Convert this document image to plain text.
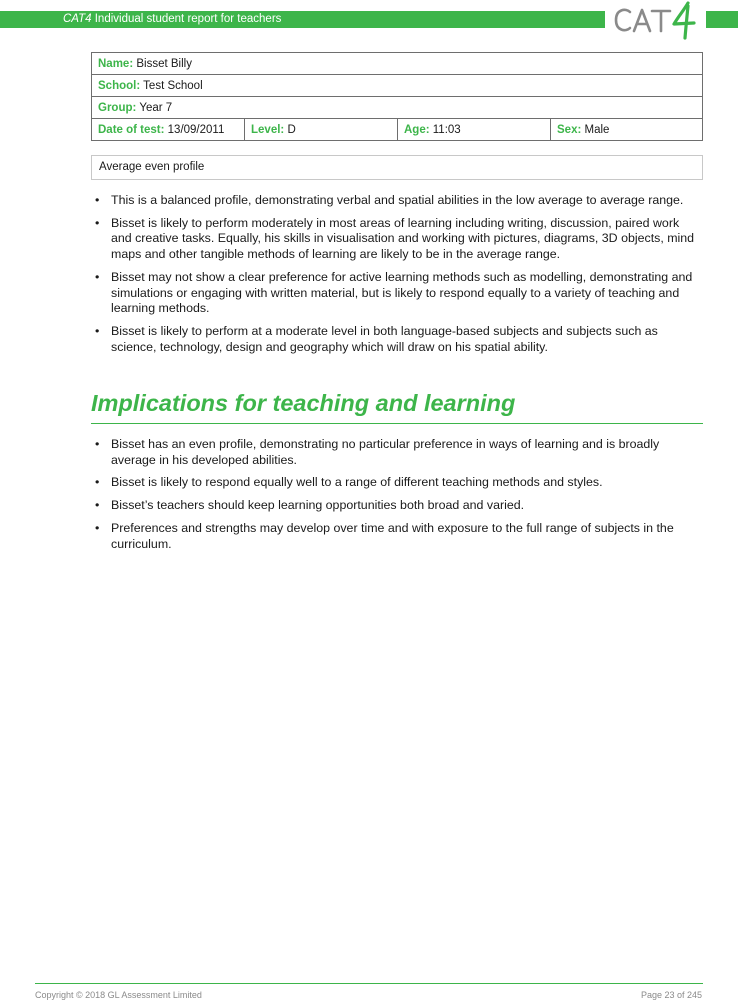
CAT4 Individual student report for teachers
Name: Bisset Billy
School: Test School
Group: Year 7
Date of test: 13/09/2011	Level: D	Age: 11:03	Sex: Male
Average even profile
• This is a balanced profile, demonstrating verbal and spatial abilities in the low average to average range.
• Bisset is likely to perform moderately in most areas of learning including writing, discussion, paired work and creative tasks. Equally, his skills in visualisation and working with pictures, diagrams, 3D objects, mind maps and other tangible methods of learning are likely to be in the average range.
• Bisset may not show a clear preference for active learning methods such as modelling, demonstrating and simulations or engaging with written material, but is likely to respond equally to a variety of teaching and learning methods.
• Bisset is likely to perform at a moderate level in both language-based subjects and subjects such as science, technology, design and geography which will draw on his spatial ability.
Implications for teaching and learning
• Bisset has an even profile, demonstrating no particular preference in ways of learning and is broadly average in his developed abilities.
• Bisset is likely to respond equally well to a range of different teaching methods and styles.
• Bisset’s teachers should keep learning opportunities both broad and varied.
• Preferences and strengths may develop over time and with exposure to the full range of subjects in the curriculum.
Copyright © 2018 GL Assessment Limited	Page 23 of 245
